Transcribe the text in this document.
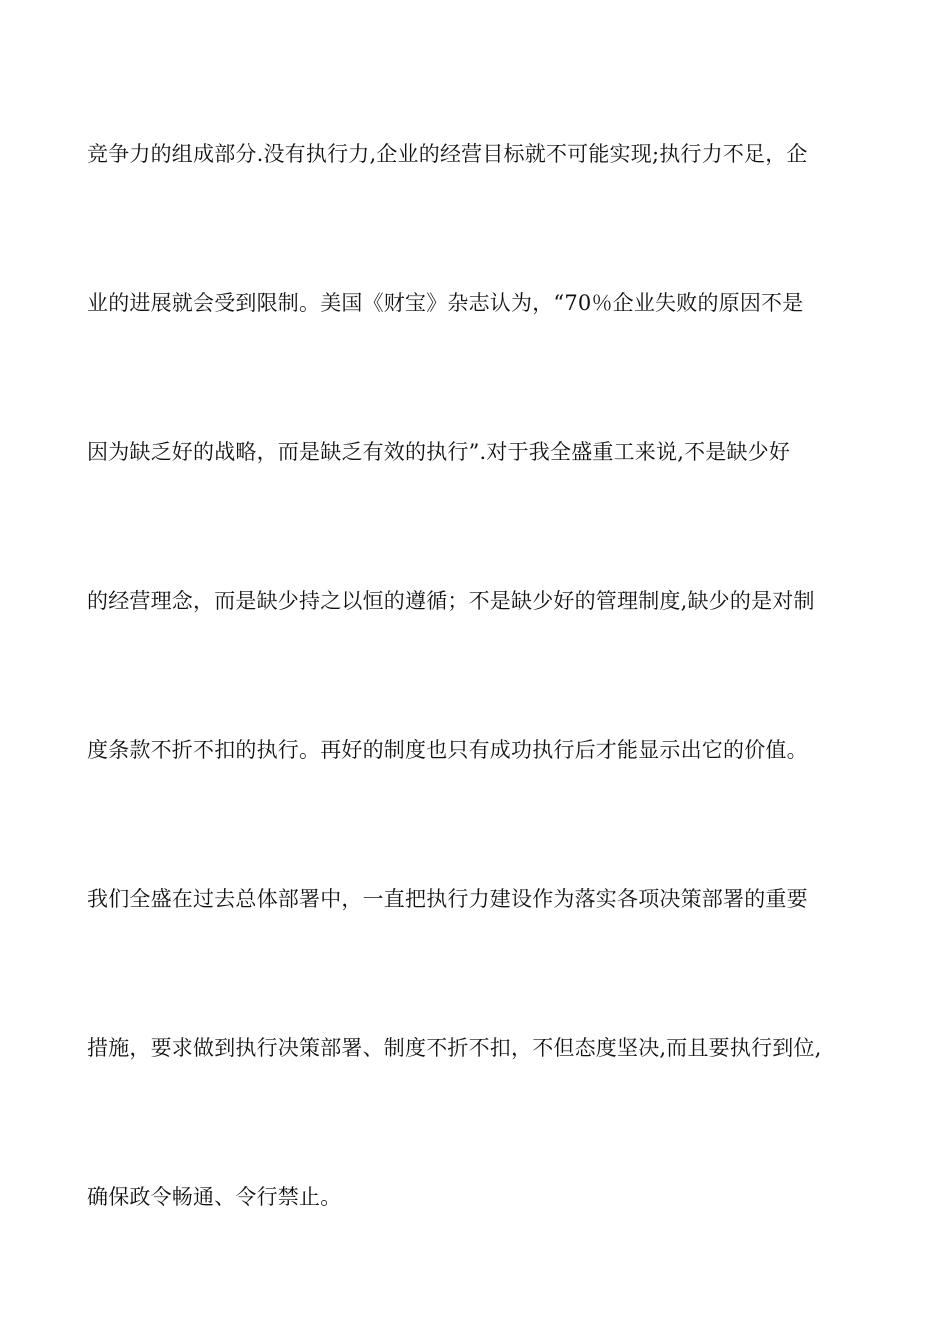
竞争力的组成部分.没有执行力,企业的经营目标就不可能实现;执行力不足，企
业的进展就会受到限制。美国《财宝》杂志认为，“70％企业失败的原因不是
因为缺乏好的战略，而是缺乏有效的执行”.对于我全盛重工来说,不是缺少好
的经营理念，而是缺少持之以恒的遵循；不是缺少好的管理制度,缺少的是对制
度条款不折不扣的执行。再好的制度也只有成功执行后才能显示出它的价值。
我们全盛在过去总体部署中，一直把执行力建设作为落实各项决策部署的重要
措施，要求做到执行决策部署、制度不折不扣，不但态度坚决,而且要执行到位,
确保政令畅通、令行禁止。
